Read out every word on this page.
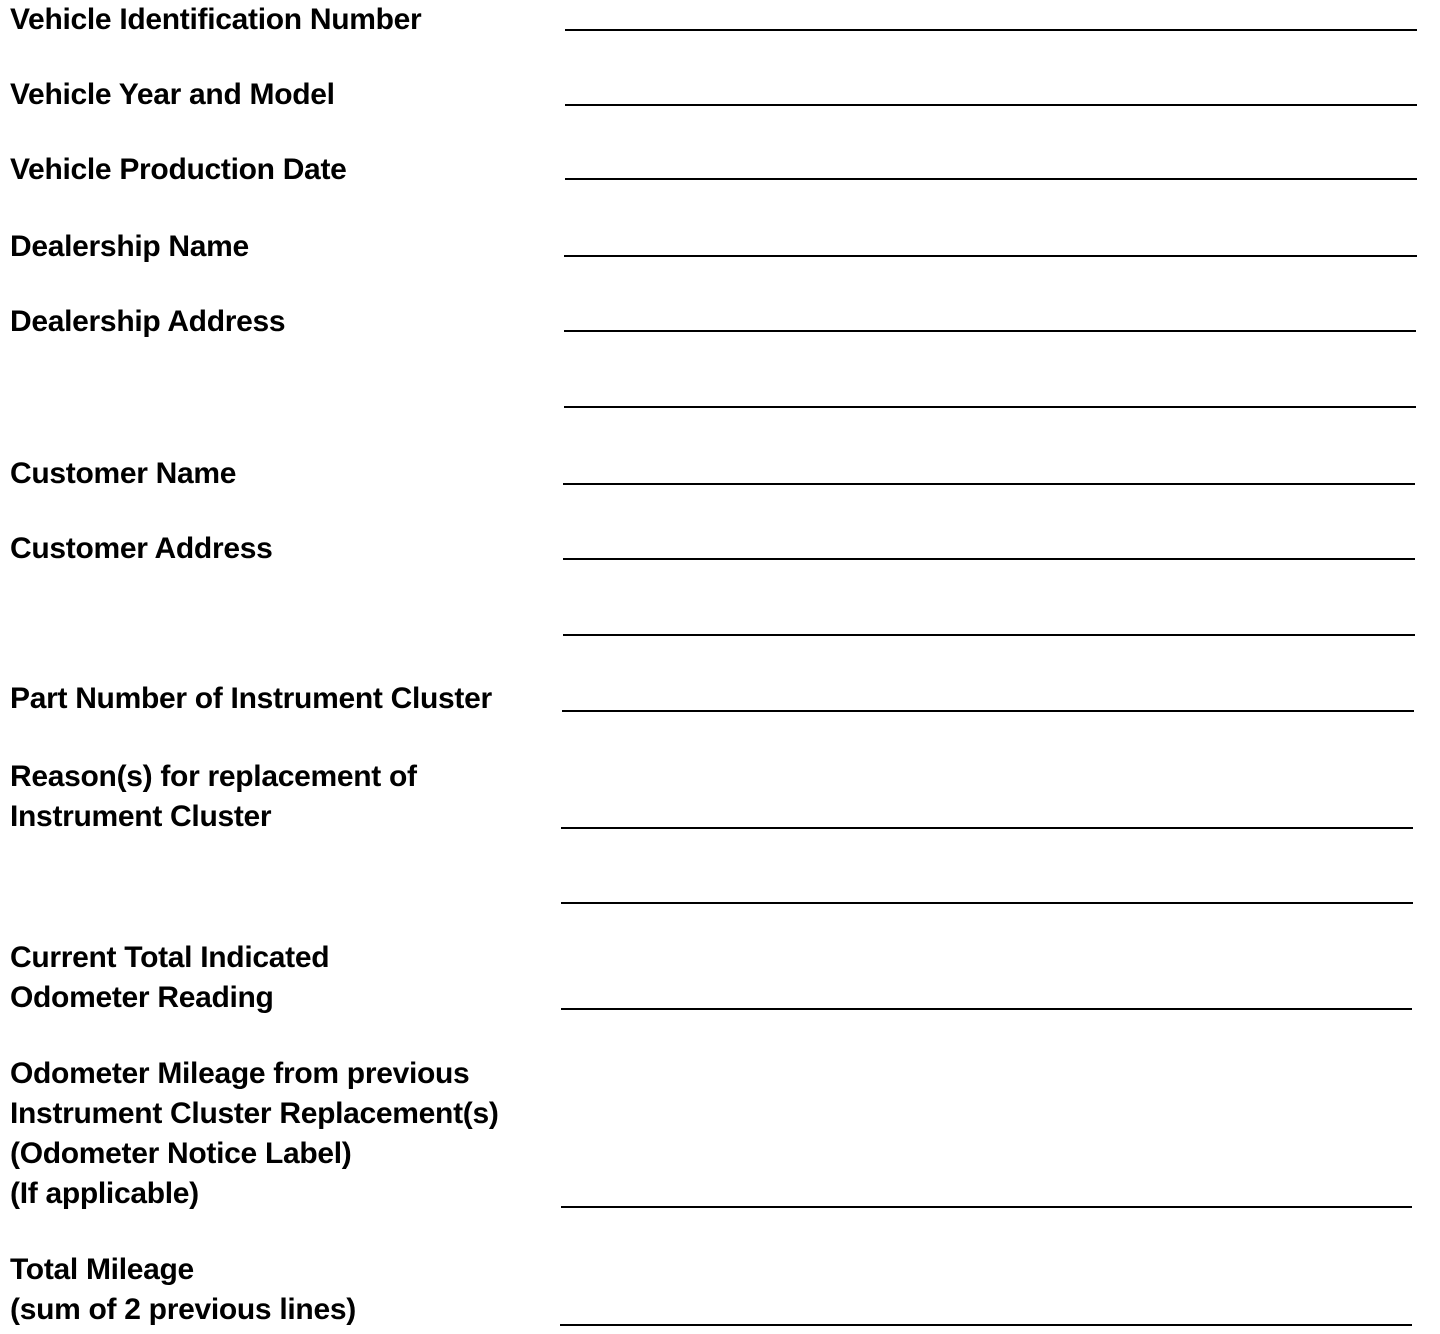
Vehicle Identification Number
Vehicle Year and Model
Vehicle Production Date
Dealership Name
Dealership Address
Customer Name
Customer Address
Part Number of Instrument Cluster
Reason(s) for replacement of
Instrument Cluster
Current Total Indicated
Odometer Reading
Odometer Mileage from previous
Instrument Cluster Replacement(s)
(Odometer Notice Label)
(If applicable)
Total Mileage
(sum of 2 previous lines)
